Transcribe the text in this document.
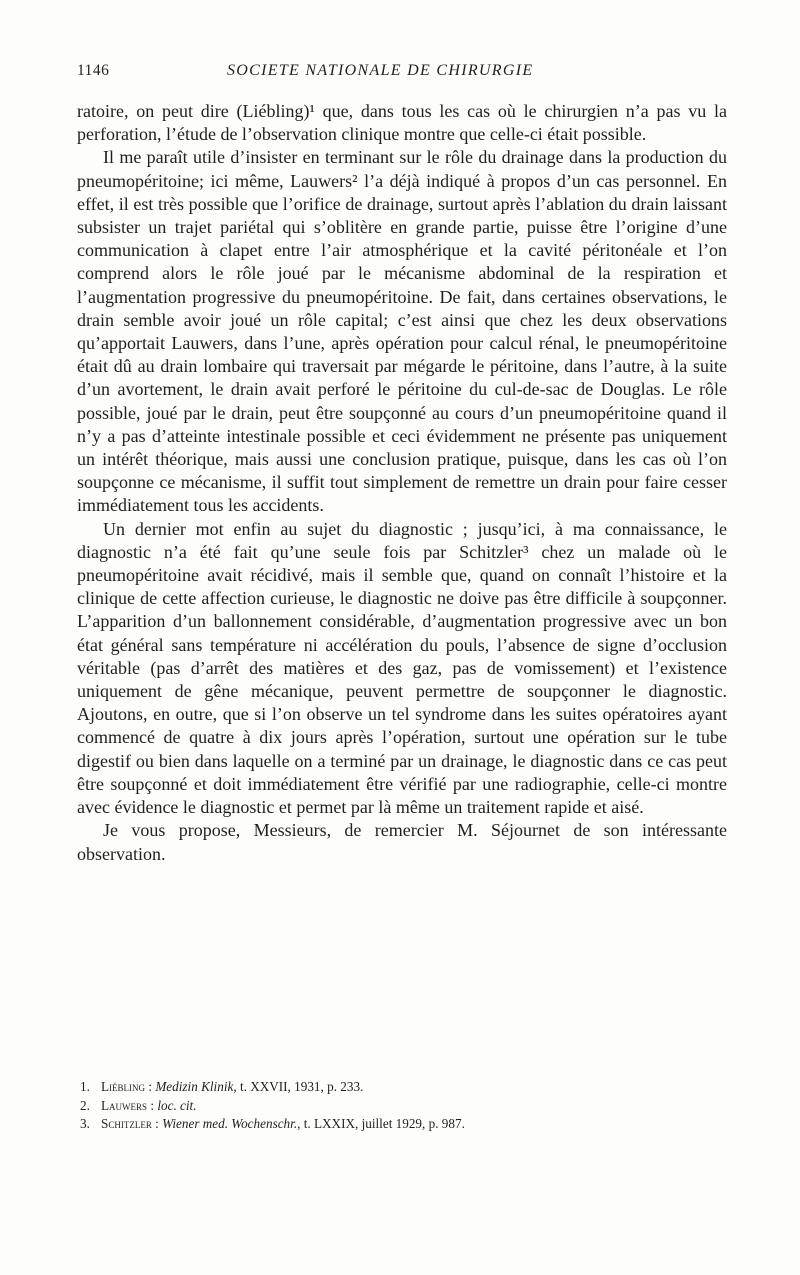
1146	SOCIETE NATIONALE DE CHIRURGIE

ratoire, on peut dire (Liébling)¹ que, dans tous les cas où le chirurgien n’a pas vu la perforation, l’étude de l’observation clinique montre que celle-ci était possible.

Il me paraît utile d’insister en terminant sur le rôle du drainage dans la production du pneumopéritoine; ici même, Lauwers² l’a déjà indiqué à propos d’un cas personnel. En effet, il est très possible que l’orifice de drainage, surtout après l’ablation du drain laissant subsister un trajet pariétal qui s’oblitère en grande partie, puisse être l’origine d’une communication à clapet entre l’air atmosphérique et la cavité péritonéale et l’on comprend alors le rôle joué par le mécanisme abdominal de la respiration et l’augmentation progressive du pneumopéritoine. De fait, dans certaines observations, le drain semble avoir joué un rôle capital; c’est ainsi que chez les deux observations qu’apportait Lauwers, dans l’une, après opération pour calcul rénal, le pneumopéritoine était dû au drain lombaire qui traversait par mégarde le péritoine, dans l’autre, à la suite d’un avortement, le drain avait perforé le péritoine du cul-de-sac de Douglas. Le rôle possible, joué par le drain, peut être soupçonné au cours d’un pneumopéritoine quand il n’y a pas d’atteinte intestinale possible et ceci évidemment ne présente pas uniquement un intérêt théorique, mais aussi une conclusion pratique, puisque, dans les cas où l’on soupçonne ce mécanisme, il suffit tout simplement de remettre un drain pour faire cesser immédiatement tous les accidents.

Un dernier mot enfin au sujet du diagnostic ; jusqu’ici, à ma connaissance, le diagnostic n’a été fait qu’une seule fois par Schitzler³ chez un malade où le pneumopéritoine avait récidivé, mais il semble que, quand on connaît l’histoire et la clinique de cette affection curieuse, le diagnostic ne doive pas être difficile à soupçonner. L’apparition d’un ballonnement considérable, d’augmentation progressive avec un bon état général sans température ni accélération du pouls, l’absence de signe d’occlusion véritable (pas d’arrêt des matières et des gaz, pas de vomissement) et l’existence uniquement de gêne mécanique, peuvent permettre de soupçonner le diagnostic. Ajoutons, en outre, que si l’on observe un tel syndrome dans les suites opératoires ayant commencé de quatre à dix jours après l’opération, surtout une opération sur le tube digestif ou bien dans laquelle on a terminé par un drainage, le diagnostic dans ce cas peut être soupçonné et doit immédiatement être vérifié par une radiographie, celle-ci montre avec évidence le diagnostic et permet par là même un traitement rapide et aisé.

Je vous propose, Messieurs, de remercier M. Séjournet de son intéressante observation.

1. Liébling : Medizin Klinik, t. XXVII, 1931, p. 233.
2. Lauwers : loc. cit.
3. Schitzler : Wiener med. Wochenschr., t. LXXIX, juillet 1929, p. 987.
